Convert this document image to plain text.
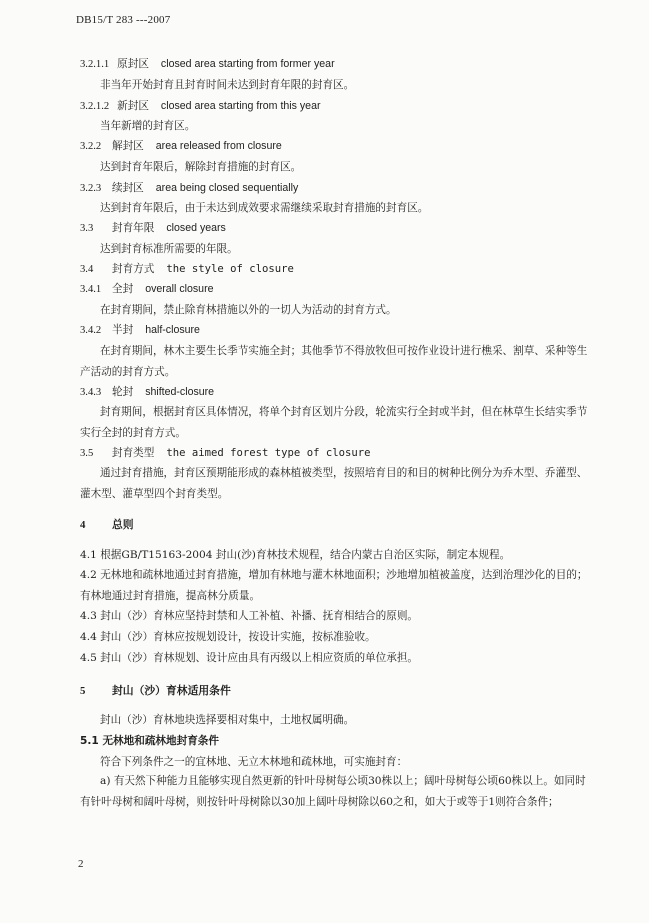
DB15/T 283 ---2007
3.2.1.1 原封区 closed area starting from former year
非当年开始封育且封育时间未达到封育年限的封育区。
3.2.1.2 新封区 closed area starting from this year
当年新增的封育区。
3.2.2 解封区 area released from closure
达到封育年限后，解除封育措施的封育区。
3.2.3 续封区 area being closed sequentially
达到封育年限后，由于未达到成效要求需继续采取封育措施的封育区。
3.3 封育年限 closed years
达到封育标准所需要的年限。
3.4 封育方式 the style of closure
3.4.1 全封 overall closure
在封育期间，禁止除育林措施以外的一切人为活动的封育方式。
3.4.2 半封 half-closure
在封育期间，林木主要生长季节实施全封；其他季节不得放牧但可按作业设计进行樵采、割草、采种等生产活动的封育方式。
3.4.3 轮封 shifted-closure
封育期间，根据封育区具体情况，将单个封育区划片分段，轮流实行全封或半封，但在林草生长结实季节实行全封的封育方式。
3.5 封育类型 the aimed forest type of closure
通过封育措施，封育区预期能形成的森林植被类型，按照培育目的和目的树种比例分为乔木型、乔灌型、灌木型、灌草型四个封育类型。
4 总则
4.1 根据GB/T15163-2004 封山(沙)育林技术规程，结合内蒙古自治区实际，制定本规程。
4.2 无林地和疏林地通过封育措施，增加有林地与灌木林地面积；沙地增加植被盖度，达到治理沙化的目的；有林地通过封育措施，提高林分质量。
4.3 封山（沙）育林应坚持封禁和人工补植、补播、抚育相结合的原则。
4.4 封山（沙）育林应按规划设计，按设计实施，按标准验收。
4.5 封山（沙）育林规划、设计应由具有丙级以上相应资质的单位承担。
5 封山（沙）育林适用条件
封山（沙）育林地块选择要相对集中，土地权属明确。
5.1 无林地和疏林地封育条件
符合下列条件之一的宜林地、无立木林地和疏林地，可实施封育：
a) 有天然下种能力且能够实现自然更新的针叶母树每公顷30株以上；阔叶母树每公顷60株以上。如同时有针叶母树和阔叶母树，则按针叶母树除以30加上阔叶母树除以60之和，如大于或等于1则符合条件；
2
